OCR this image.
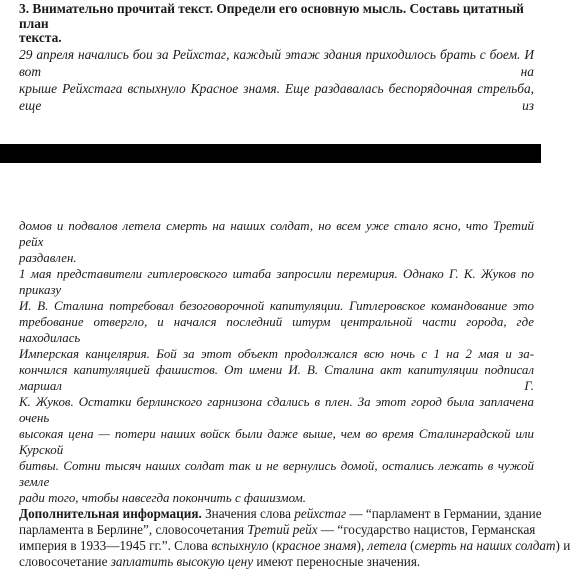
3. Внимательно прочитай текст. Определи его основную мысль. Составь цитатный план
текста.

29 апреля начались бои за Рейхстаг, каждый этаж здания приходилось брать с боем. И вот на

крыше Рейхстага вспыхнуло Красное знамя. Еще раздавалась беспорядочная стрельба, еще из

домов и подвалов летела смерть на наших солдат, но всем уже стало ясно, что Третий рейх

раздавлен.

1 мая представители гитлеровского штаба запросили перемирия. Однако Г. К. Жуков по приказу

И. В. Сталина потребовал безоговорочной капитуляции. Гитлеровское командование это

требование отвергло, и начался последний штурм центральной части города, где находилась

Имперская канцелярия. Бой за этот объект продолжался всю ночь с 1 на 2 мая и за-

кончился капитуляцией фашистов. От имени И. В. Сталина акт капитуляции подписал маршал Г.

К. Жуков. Остатки берлинского гарнизона сдались в плен. За этот город была заплачена очень

высокая цена — потери наших войск были даже выше, чем во время Сталинградской или Курской

битвы. Сотни тысяч наших солдат так и не вернулись домой, остались лежать в чужой земле

ради того, чтобы навсегда покончить с фашизмом.

Дополнительная информация. Значения слова рейхстаг — “парламент в Германии, здание

парламента в Берлине”, словосочетания Третий рейх — “государство нацистов, Германская

империя в 1933—1945 гг.”. Слова вспыхнулo (красное знамя), летела (смерть на наших солдат) и

словосочетание заплатить высокую цену имеют переносные значения.
